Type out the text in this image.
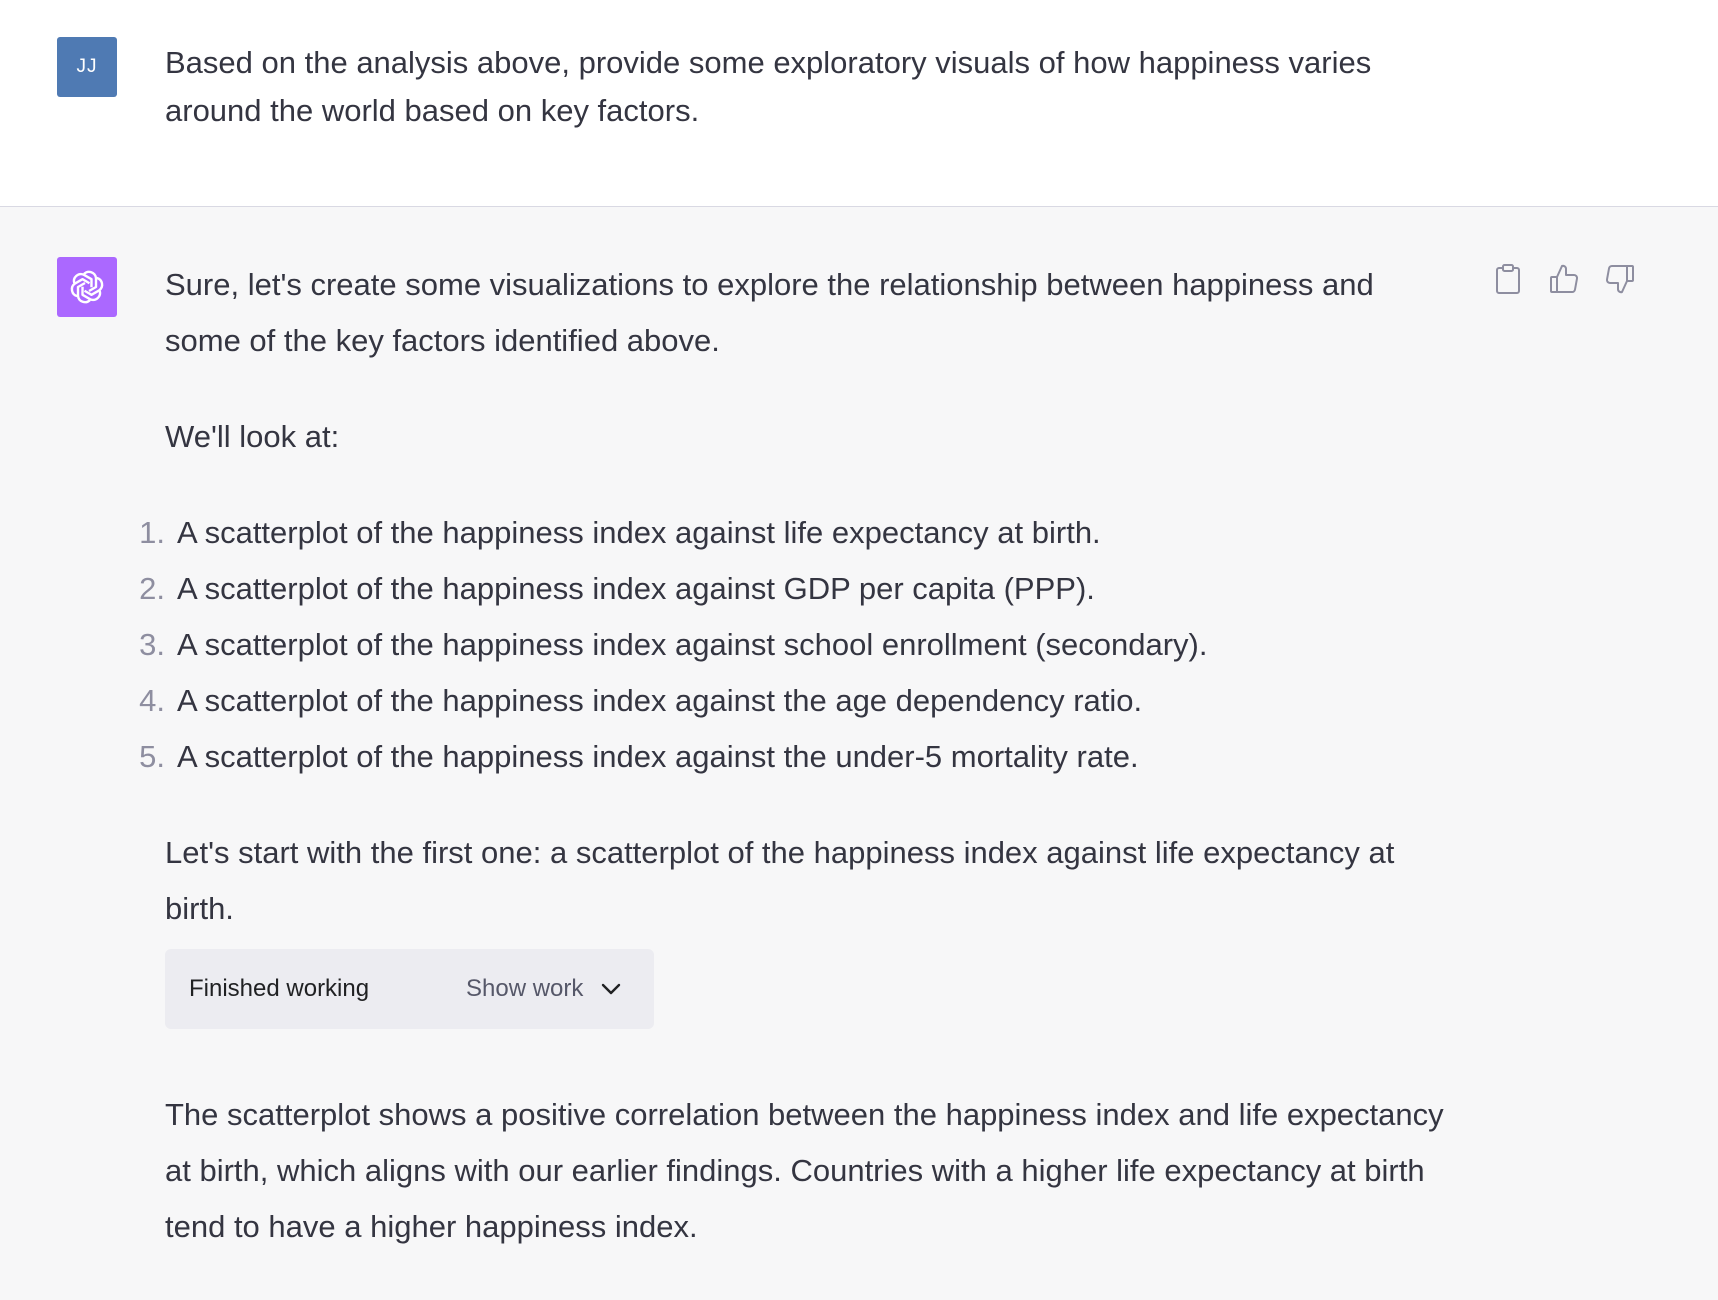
JJ Based on the analysis above, provide some exploratory visuals of how happiness varies around the world based on key factors.

Sure, let's create some visualizations to explore the relationship between happiness and some of the key factors identified above.

We'll look at:

1. A scatterplot of the happiness index against life expectancy at birth.
2. A scatterplot of the happiness index against GDP per capita (PPP).
3. A scatterplot of the happiness index against school enrollment (secondary).
4. A scatterplot of the happiness index against the age dependency ratio.
5. A scatterplot of the happiness index against the under-5 mortality rate.

Let's start with the first one: a scatterplot of the happiness index against life expectancy at birth.

Finished working	Show work

The scatterplot shows a positive correlation between the happiness index and life expectancy at birth, which aligns with our earlier findings. Countries with a higher life expectancy at birth tend to have a higher happiness index.
